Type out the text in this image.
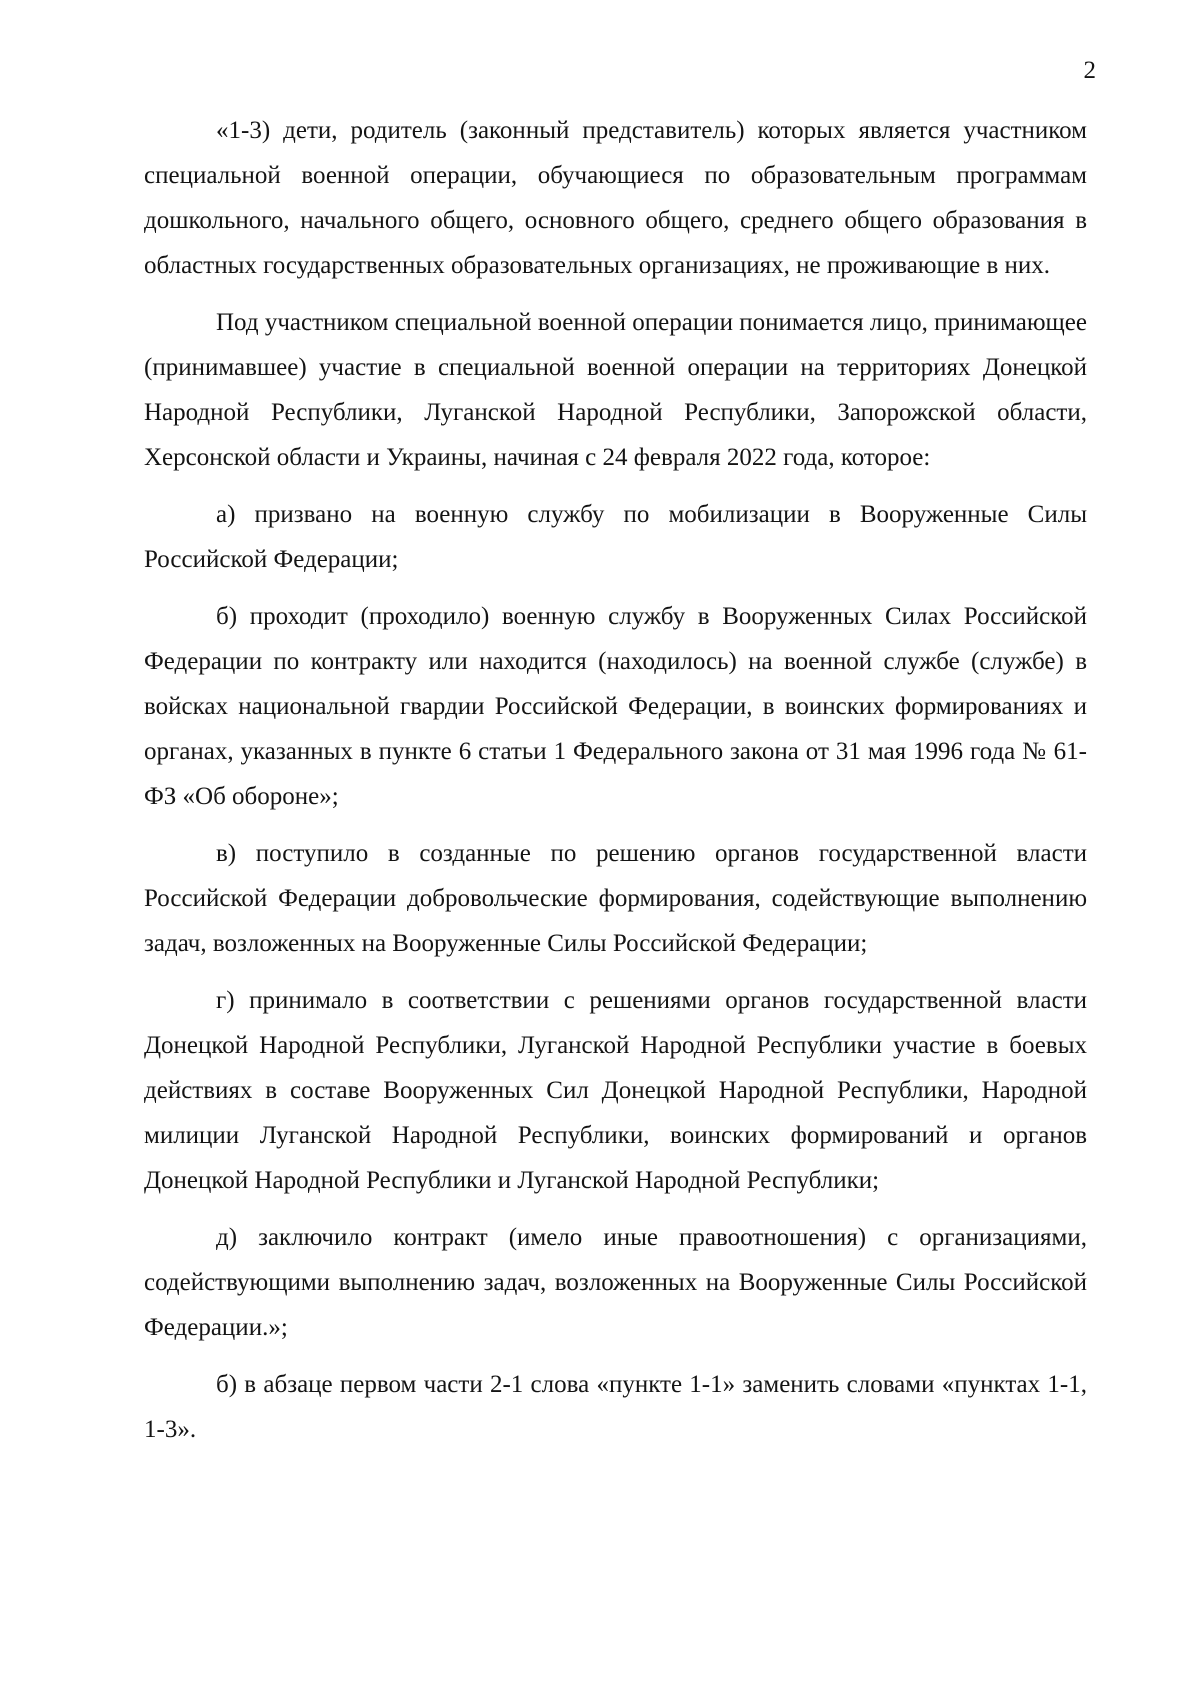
2

«1-3) дети, родитель (законный представитель) которых является участником специальной военной операции, обучающиеся по образовательным программам дошкольного, начального общего, основного общего, среднего общего образования в областных государственных образовательных организациях, не проживающие в них.

Под участником специальной военной операции понимается лицо, принимающее (принимавшее) участие в специальной военной операции на территориях Донецкой Народной Республики, Луганской Народной Республики, Запорожской области, Херсонской области и Украины, начиная с 24 февраля 2022 года, которое:

а) призвано на военную службу по мобилизации в Вооруженные Силы Российской Федерации;

б) проходит (проходило) военную службу в Вооруженных Силах Российской Федерации по контракту или находится (находилось) на военной службе (службе) в войсках национальной гвардии Российской Федерации, в воинских формированиях и органах, указанных в пункте 6 статьи 1 Федерального закона от 31 мая 1996 года № 61-ФЗ «Об обороне»;

в) поступило в созданные по решению органов государственной власти Российской Федерации добровольческие формирования, содействующие выполнению задач, возложенных на Вооруженные Силы Российской Федерации;

г) принимало в соответствии с решениями органов государственной власти Донецкой Народной Республики, Луганской Народной Республики участие в боевых действиях в составе Вооруженных Сил Донецкой Народной Республики, Народной милиции Луганской Народной Республики, воинских формирований и органов Донецкой Народной Республики и Луганской Народной Республики;

д) заключило контракт (имело иные правоотношения) с организациями, содействующими выполнению задач, возложенных на Вооруженные Силы Российской Федерации.»;

б) в абзаце первом части 2-1 слова «пункте 1-1» заменить словами «пунктах 1-1, 1-3».
